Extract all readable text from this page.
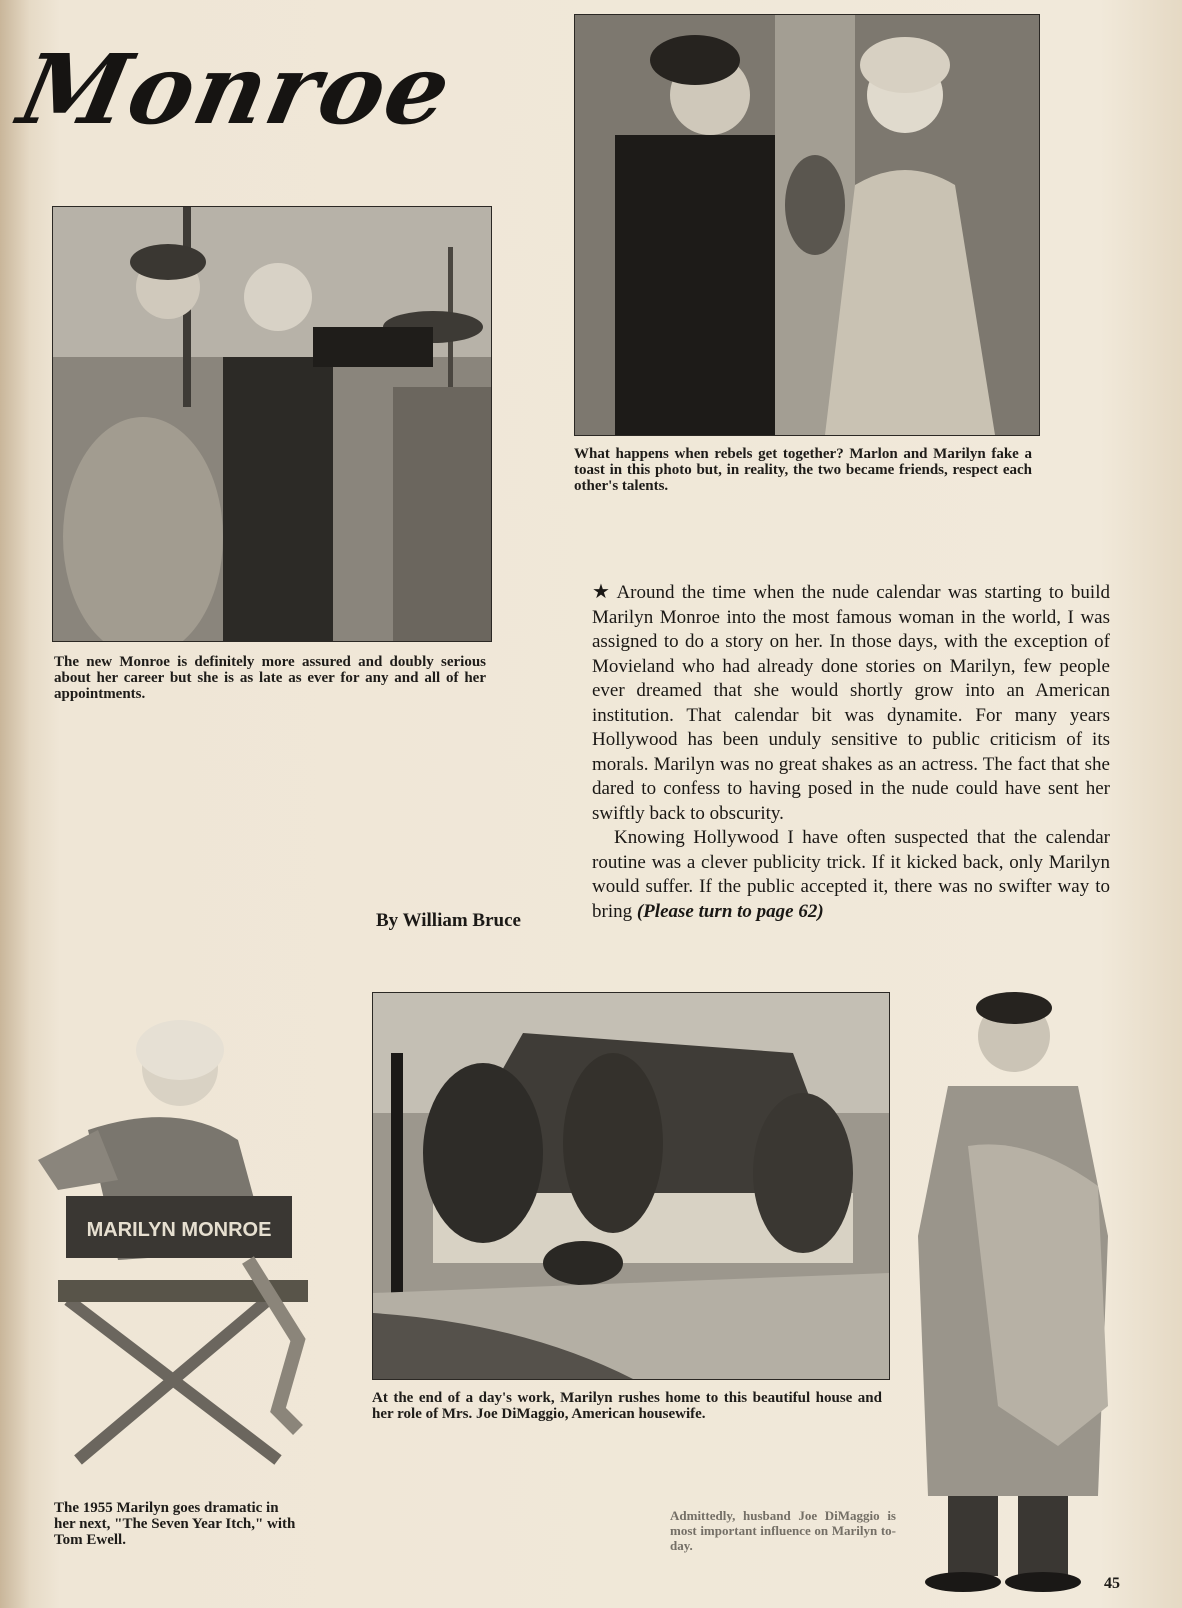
Monroe
The new Monroe is definitely more assured and doubly serious about her career but she is as late as ever for any and all of her appointments.
What happens when rebels get together? Marlon and Marilyn fake a toast in this photo but, in reality, the two became friends, respect each other's talents.
By William Bruce

★ Around the time when the nude calendar was starting to build Marilyn Monroe into the most famous woman in the world, I was assigned to do a story on her. In those days, with the exception of Movieland who had already done stories on Marilyn, few people ever dreamed that she would shortly grow into an American institution. That calendar bit was dynamite. For many years Hollywood has been unduly sensitive to public criticism of its morals. Marilyn was no great shakes as an actress. The fact that she dared to confess to having posed in the nude could have sent her swiftly back to obscurity.

Knowing Hollywood I have often suspected that the calendar routine was a clever publicity trick. If it kicked back, only Marilyn would suffer. If the public accepted it, there was no swifter way to bring (Please turn to page 62)

At the end of a day's work, Marilyn rushes home to this beautiful house and her role of Mrs. Joe DiMaggio, American housewife.
MARILYN MONROE
The 1955 Marilyn goes dramatic in her next, "The Seven Year Itch," with Tom Ewell.
Admittedly, husband Joe DiMaggio is most important influence on Marilyn to-day.
45
